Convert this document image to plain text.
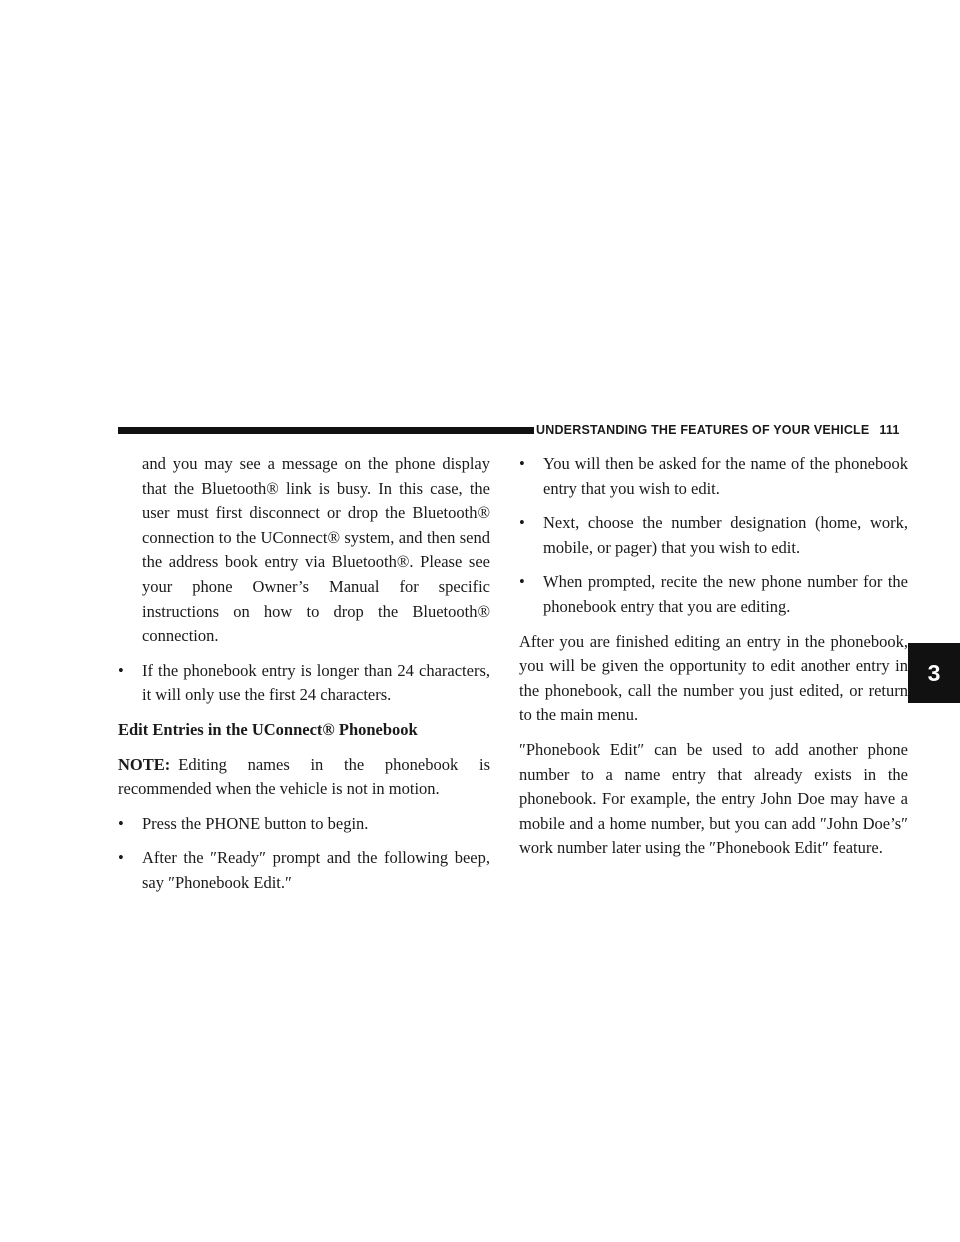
UNDERSTANDING THE FEATURES OF YOUR VEHICLE 111
3

and you may see a message on the phone display that the Bluetooth® link is busy. In this case, the user must first disconnect or drop the Bluetooth® connection to the UConnect® system, and then send the address book entry via Bluetooth®. Please see your phone Owner’s Manual for specific instructions on how to drop the Bluetooth® connection.

•	If the phonebook entry is longer than 24 characters, it will only use the first 24 characters.
Edit Entries in the UConnect® Phonebook

NOTE: Editing names in the phonebook is recommended when the vehicle is not in motion.

•	Press the PHONE button to begin.
•	After the ″Ready″ prompt and the following beep, say ″Phonebook Edit.″
•	You will then be asked for the name of the phonebook entry that you wish to edit.
•	Next, choose the number designation (home, work, mobile, or pager) that you wish to edit.
•	When prompted, recite the new phone number for the phonebook entry that you are editing.

After you are finished editing an entry in the phonebook, you will be given the opportunity to edit another entry in the phonebook, call the number you just edited, or return to the main menu.

″Phonebook Edit″ can be used to add another phone number to a name entry that already exists in the phonebook. For example, the entry John Doe may have a mobile and a home number, but you can add ″John Doe’s″ work number later using the ″Phonebook Edit″ feature.
